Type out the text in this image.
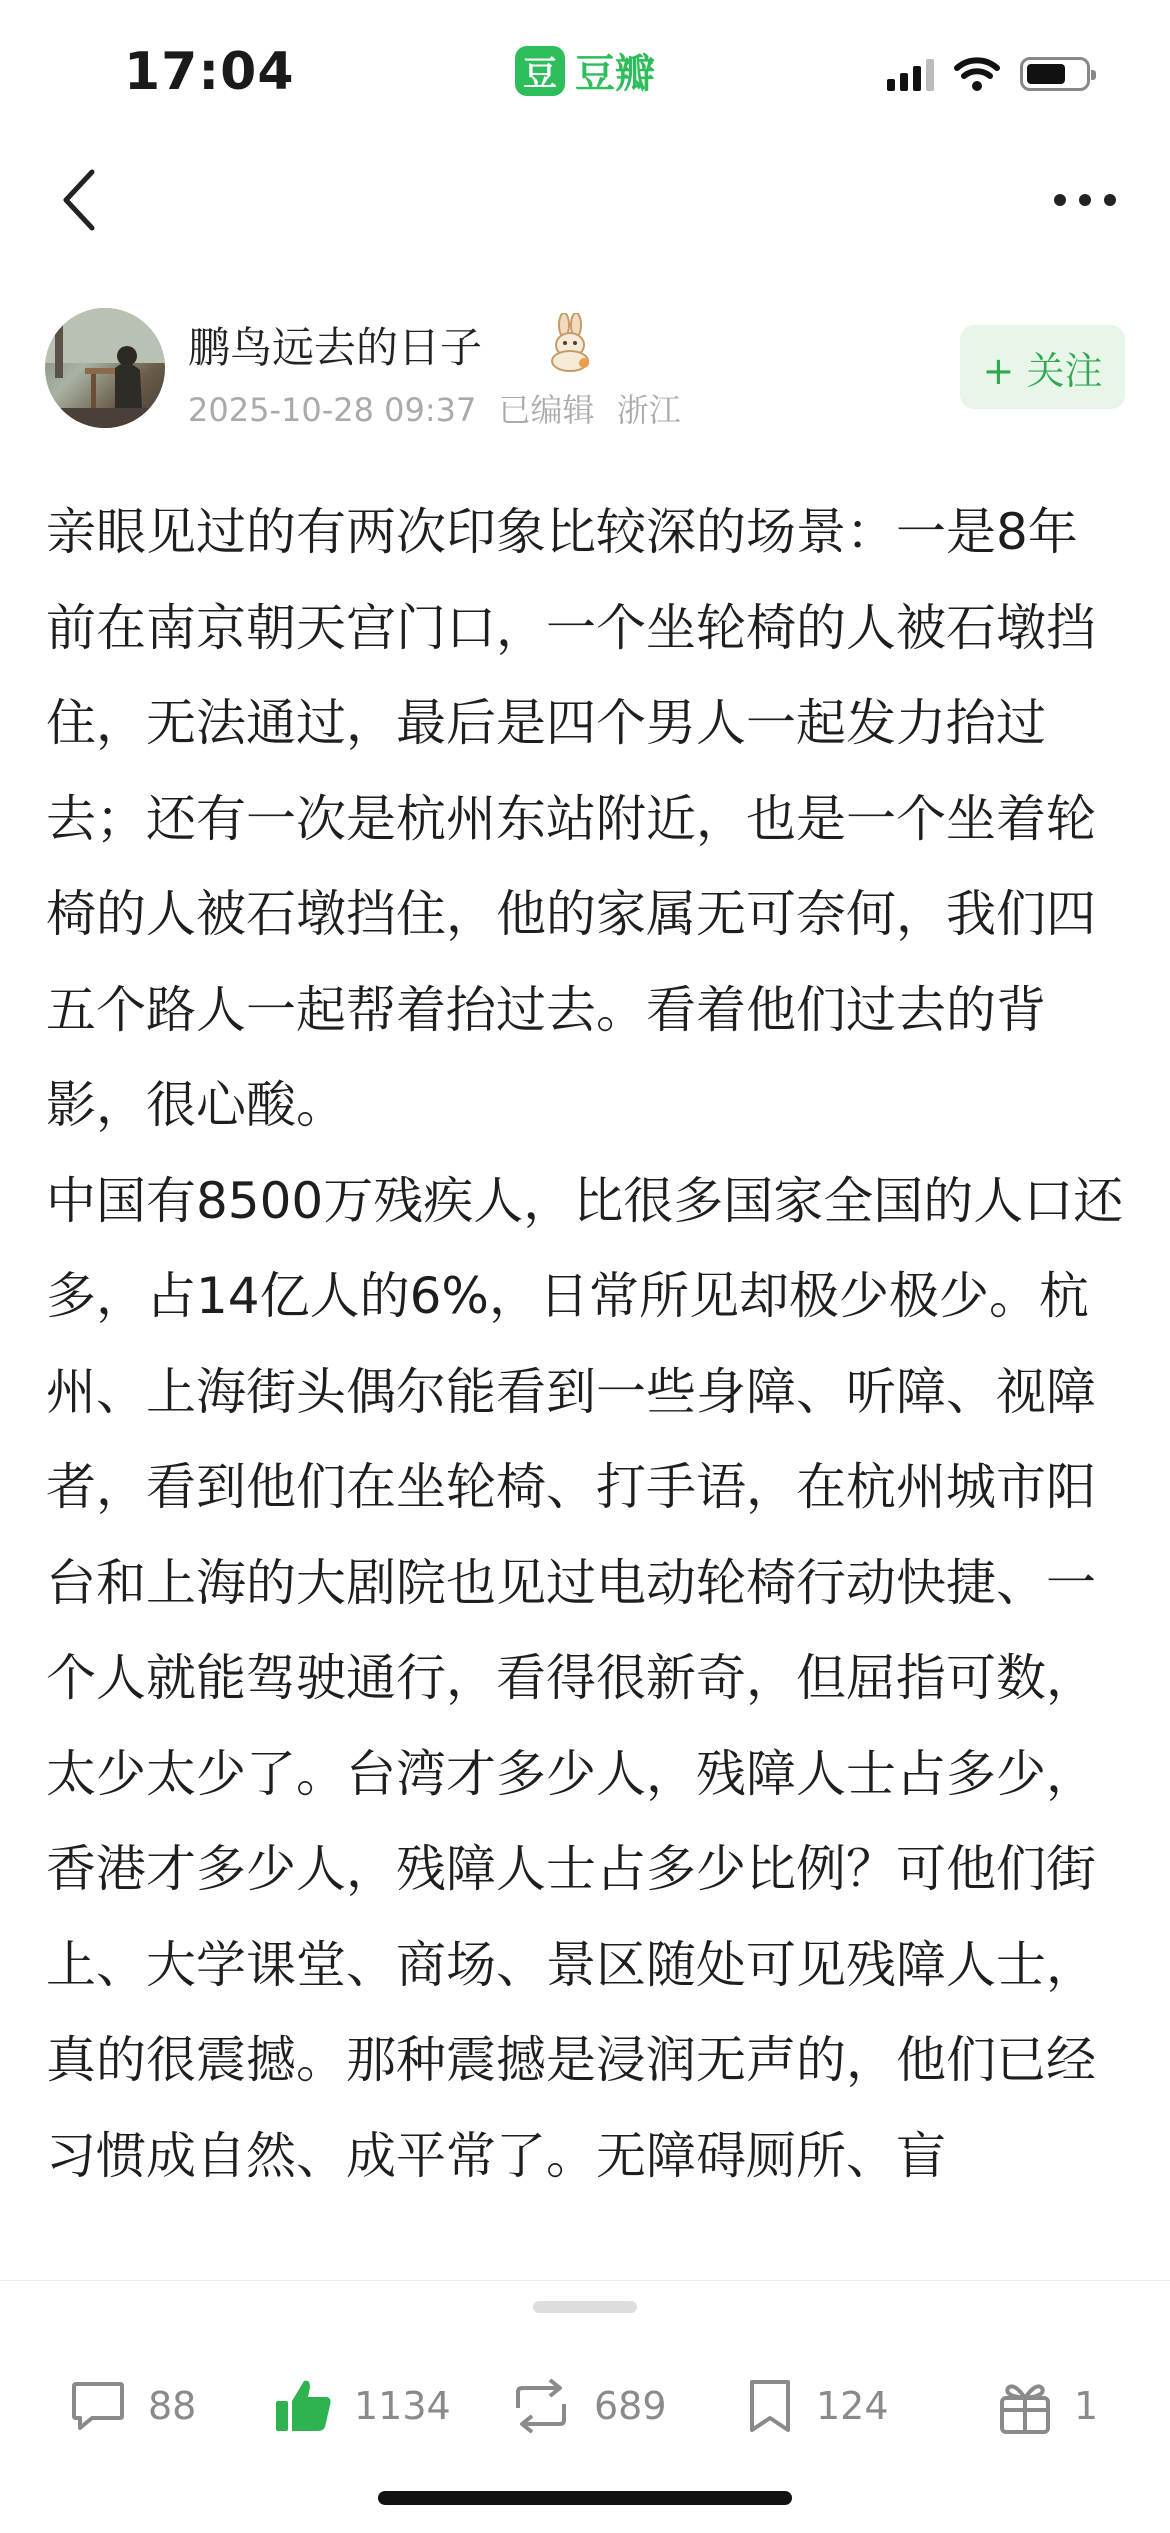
17:04	豆 豆瓣
鹏鸟远去的日子
2025-10-28 09:37 已编辑 浙江
+ 关注

亲眼见过的有两次印象比较深的场景：一是8年前在南京朝天宫门口，一个坐轮椅的人被石墩挡住，无法通过，最后是四个男人一起发力抬过去；还有一次是杭州东站附近，也是一个坐着轮椅的人被石墩挡住，他的家属无可奈何，我们四五个路人一起帮着抬过去。看着他们过去的背影，很心酸。

中国有8500万残疾人，比很多国家全国的人口还多，占14亿人的6%，日常所见却极少极少。杭州、上海街头偶尔能看到一些身障、听障、视障者，看到他们在坐轮椅、打手语，在杭州城市阳台和上海的大剧院也见过电动轮椅行动快捷、一个人就能驾驶通行，看得很新奇，但屈指可数，太少太少了。台湾才多少人，残障人士占多少，香港才多少人，残障人士占多少比例？可他们街上、大学课堂、商场、景区随处可见残障人士，真的很震撼。那种震撼是浸润无声的，他们已经习惯成自然、成平常了。无障碍厕所、盲

88	1134	689	124	1
